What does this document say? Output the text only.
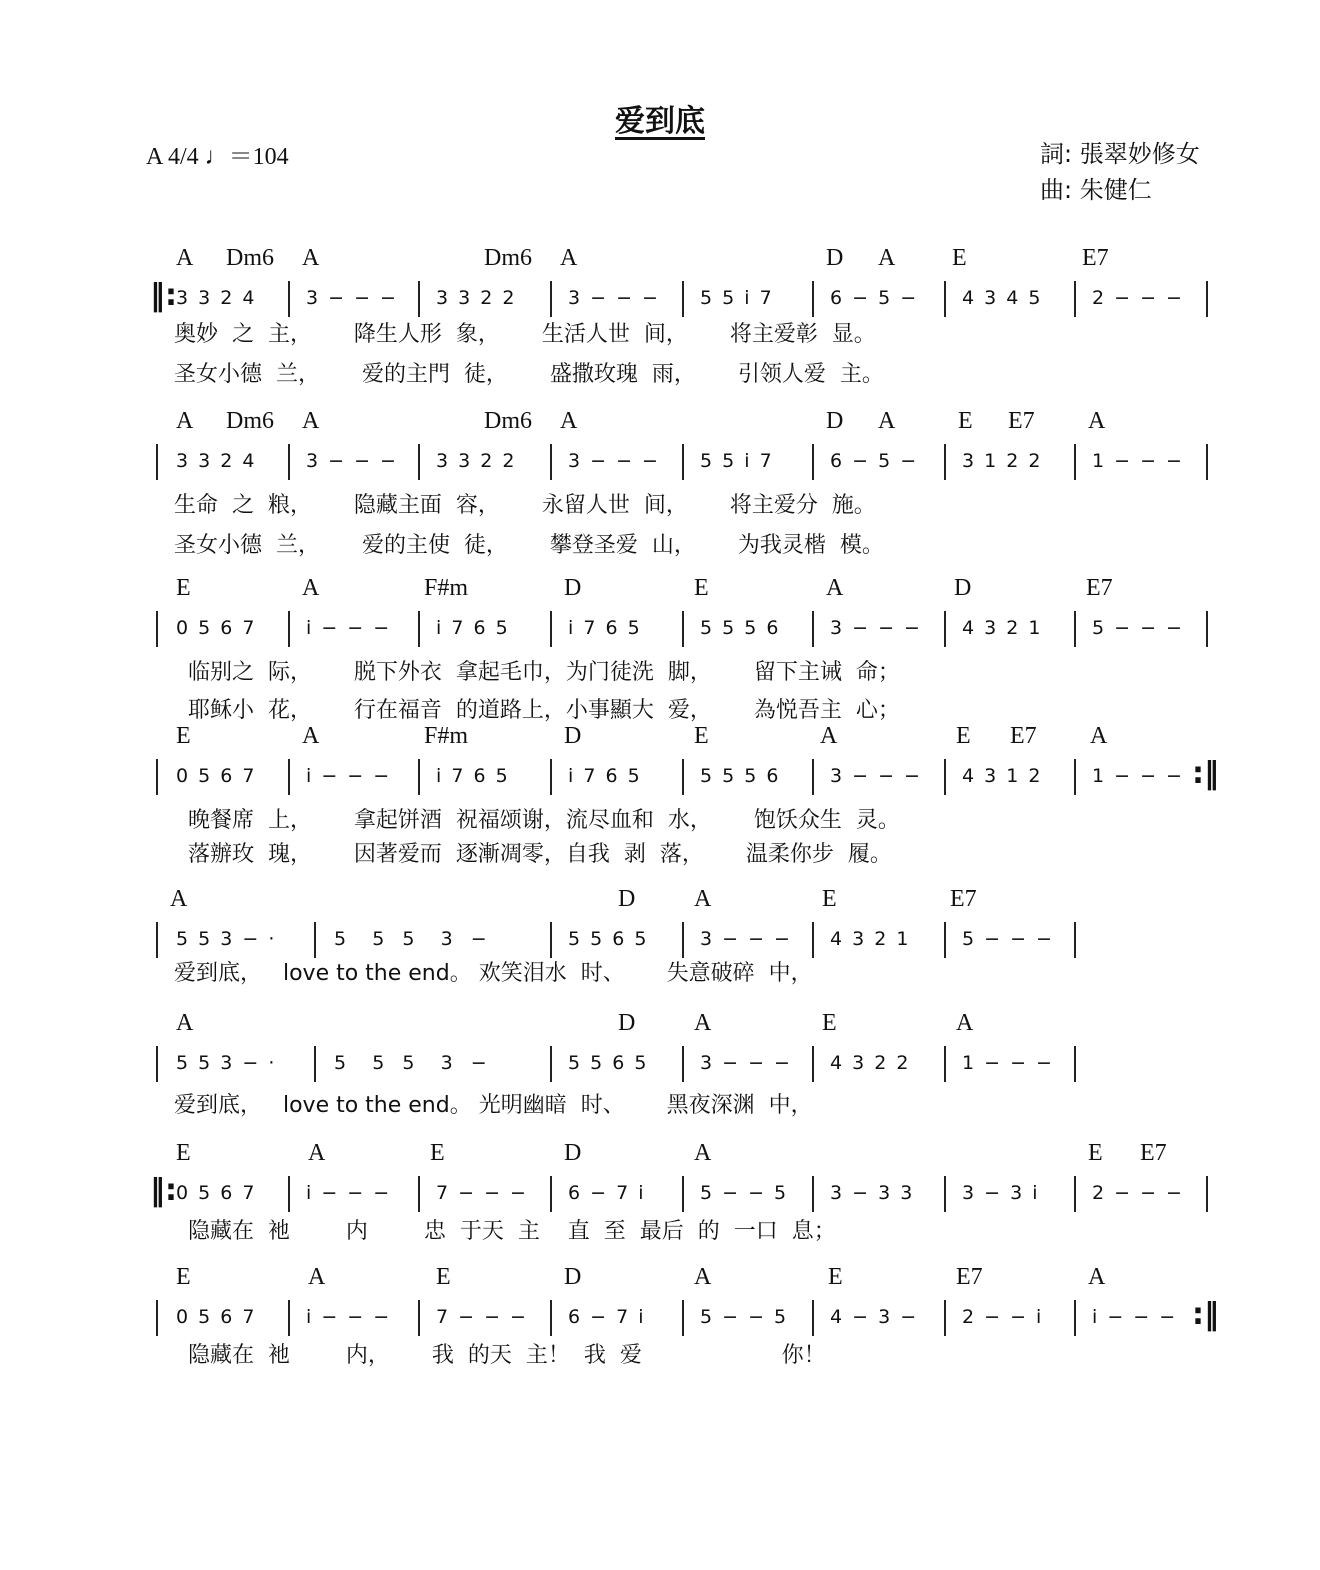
爱到底
A 4/4 ♩＝104	詞: 張翠妙修女
曲: 朱健仁
A Dm6 A	Dm6 A	D A E	E7
‖: 3 3 2 4	3 − − − 3 3 2 2	3 − − − 5 5 i 7	6 − 5 − 4 3 4 5	2 − − −
奥妙  之  主，      降生人形  象，      生活人世  间，      将主爱彰  显。
圣女小德  兰，      爱的主門  徒，      盛撒玫瑰  雨，      引领人爱  主。
A Dm6 A	Dm6 A	D A	E E7 A
3 3 2 4	3 − − − 3 3 2 2	3 − − − 5 5 i 7	6 − 5 − 3 1 2 2	1 − − −
生命  之  粮，      隐藏主面  容，      永留人世  间，      将主爱分  施。
圣女小德  兰，      爱的主使  徒，      攀登圣爱  山，      为我灵楷  模。
E	A	F#m	D	E	A	D	E7
0 5 6 7	i − − − i 7 6 5	i 7 6 5	5 5 5 6	3 − − − 4 3 2 1	5 − − −
临别之  际，      脱下外衣  拿起毛巾，为门徒洗  脚，      留下主诫  命；
耶稣小  花，      行在福音  的道路上，小事顯大  爱，      為悦吾主  心；
E	A	F#m	D	E	A	E E7 A
0 5 6 7	i − − − i 7 6 5	i 7 6 5	5 5 5 6	3 − − − 4 3 1 2	1 − − − :‖
晚餐席  上，      拿起饼酒  祝福颂谢，流尽血和  水，      饱饫众生  灵。
落辦玫  瑰，      因著爱而  逐漸凋零，自我  剥  落，      温柔你步  履。
A	D A	E	E7
5 5 3 − ·	5   5  5   3  −	5 5 6 5	3 − − − 4 3 2 1	5 − − −
爱到底，   love to the end。 欢笑泪水  时、      失意破碎  中，
A	D A	E	A
5 5 3 − ·	5   5  5   3  −	5 5 6 5	3 − − − 4 3 2 2	1 − − −
爱到底，   love to the end。 光明幽暗  时、      黑夜深渊  中，
E	A	E	D	A	E E7
‖: 0 5 6 7	i − − − 7 − − − 6 − 7 i	5 − − 5 3 − 3 3	3 − 3 i	2 − − −
隐藏在  衪        内        忠  于天  主    直  至  最后  的  一口  息；
E	A	E	D	A	E	E7	A
0 5 6 7	i − − − 7 − − − 6 − 7 i	5 − − 5 4 − 3 − 2 − − i	i − − − :‖
隐藏在  衪        内，      我  的天  主！  我  爱                    你！
